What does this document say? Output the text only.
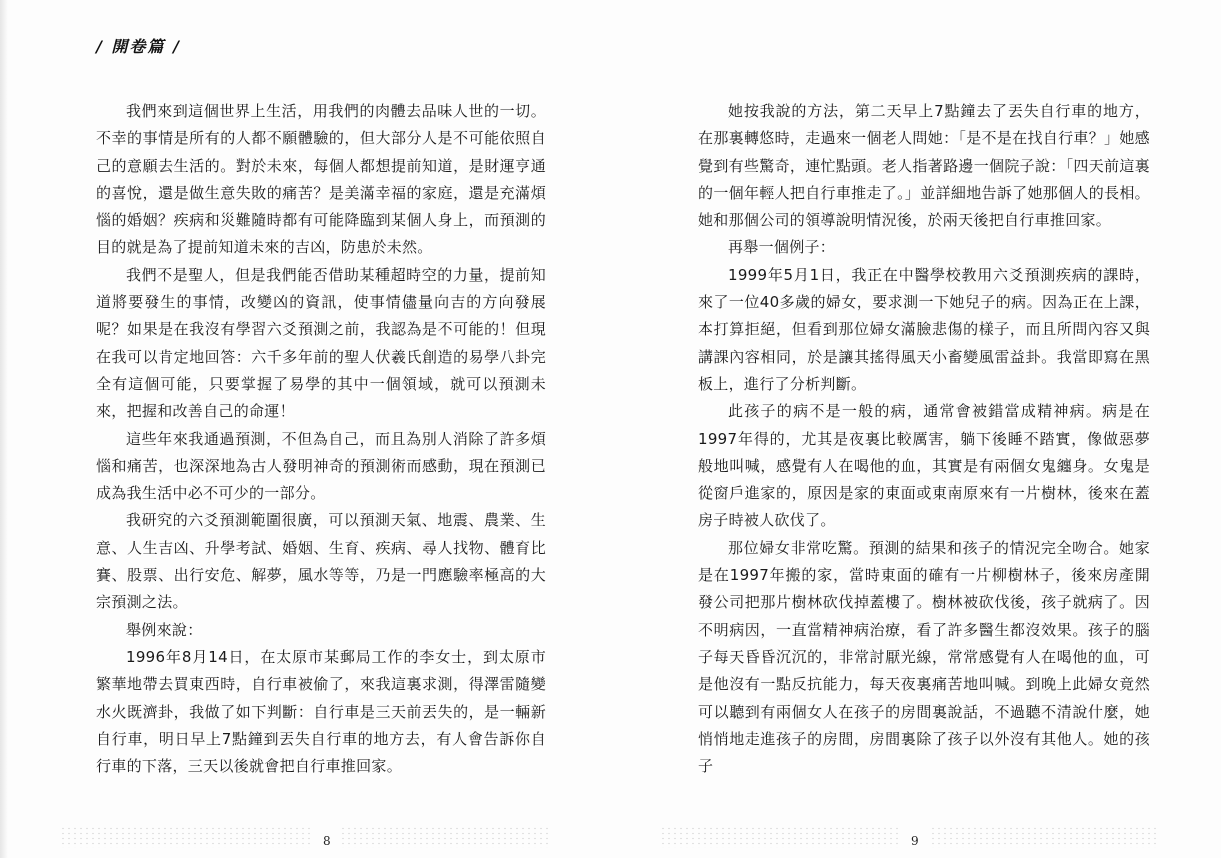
/ 開卷篇 /

我們來到這個世界上生活，用我們的肉體去品味人世的一切。不幸的事情是所有的人都不願體驗的，但大部分人是不可能依照自己的意願去生活的。對於未來，每個人都想提前知道，是財運亨通的喜悅，還是做生意失敗的痛苦？是美滿幸福的家庭，還是充滿煩惱的婚姻？疾病和災難隨時都有可能降臨到某個人身上，而預測的目的就是為了提前知道未來的吉凶，防患於未然。

我們不是聖人，但是我們能否借助某種超時空的力量，提前知道將要發生的事情，改變凶的資訊，使事情儘量向吉的方向發展呢？如果是在我沒有學習六爻預測之前，我認為是不可能的！但現在我可以肯定地回答：六千多年前的聖人伏羲氏創造的易學八卦完全有這個可能，只要掌握了易學的其中一個領域，就可以預測未來，把握和改善自己的命運！

這些年來我通過預測，不但為自己，而且為別人消除了許多煩惱和痛苦，也深深地為古人發明神奇的預測術而感動，現在預測已成為我生活中必不可少的一部分。

我研究的六爻預測範圍很廣，可以預測天氣、地震、農業、生意、人生吉凶、升學考試、婚姻、生育、疾病、尋人找物、體育比賽、股票、出行安危、解夢，風水等等，乃是一門應驗率極高的大宗預測之法。

舉例來說：

1996年8月14日，在太原市某郵局工作的李女士，到太原市繁華地帶去買東西時，自行車被偷了，來我這裏求測，得澤雷隨變水火既濟卦，我做了如下判斷：自行車是三天前丟失的，是一輛新自行車，明日早上7點鐘到丟失自行車的地方去，有人會告訴你自行車的下落，三天以後就會把自行車推回家。

她按我說的方法，第二天早上7點鐘去了丟失自行車的地方，在那裏轉悠時，走過來一個老人問她：「是不是在找自行車？」她感覺到有些驚奇，連忙點頭。老人指著路邊一個院子說：「四天前這裏的一個年輕人把自行車推走了。」並詳細地告訴了她那個人的長相。她和那個公司的領導說明情況後，於兩天後把自行車推回家。

再舉一個例子：

1999年5月1日，我正在中醫學校教用六爻預測疾病的課時，來了一位40多歲的婦女，要求測一下她兒子的病。因為正在上課，本打算拒絕，但看到那位婦女滿臉悲傷的樣子，而且所問內容又與講課內容相同，於是讓其搖得風天小畜變風雷益卦。我當即寫在黑板上，進行了分析判斷。

此孩子的病不是一般的病，通常會被錯當成精神病。病是在1997年得的，尤其是夜裏比較厲害，躺下後睡不踏實，像做惡夢般地叫喊，感覺有人在喝他的血，其實是有兩個女鬼纏身。女鬼是從窗戶進家的，原因是家的東面或東南原來有一片樹林，後來在蓋房子時被人砍伐了。

那位婦女非常吃驚。預測的結果和孩子的情況完全吻合。她家是在1997年搬的家，當時東面的確有一片柳樹林子，後來房產開發公司把那片樹林砍伐掉蓋樓了。樹林被砍伐後，孩子就病了。因不明病因，一直當精神病治療，看了許多醫生都沒效果。孩子的腦子每天昏昏沉沉的，非常討厭光線，常常感覺有人在喝他的血，可是他沒有一點反抗能力，每天夜裏痛苦地叫喊。到晚上此婦女竟然可以聽到有兩個女人在孩子的房間裏說話，不過聽不清說什麼，她悄悄地走進孩子的房間，房間裏除了孩子以外沒有其他人。她的孩子

8	9
